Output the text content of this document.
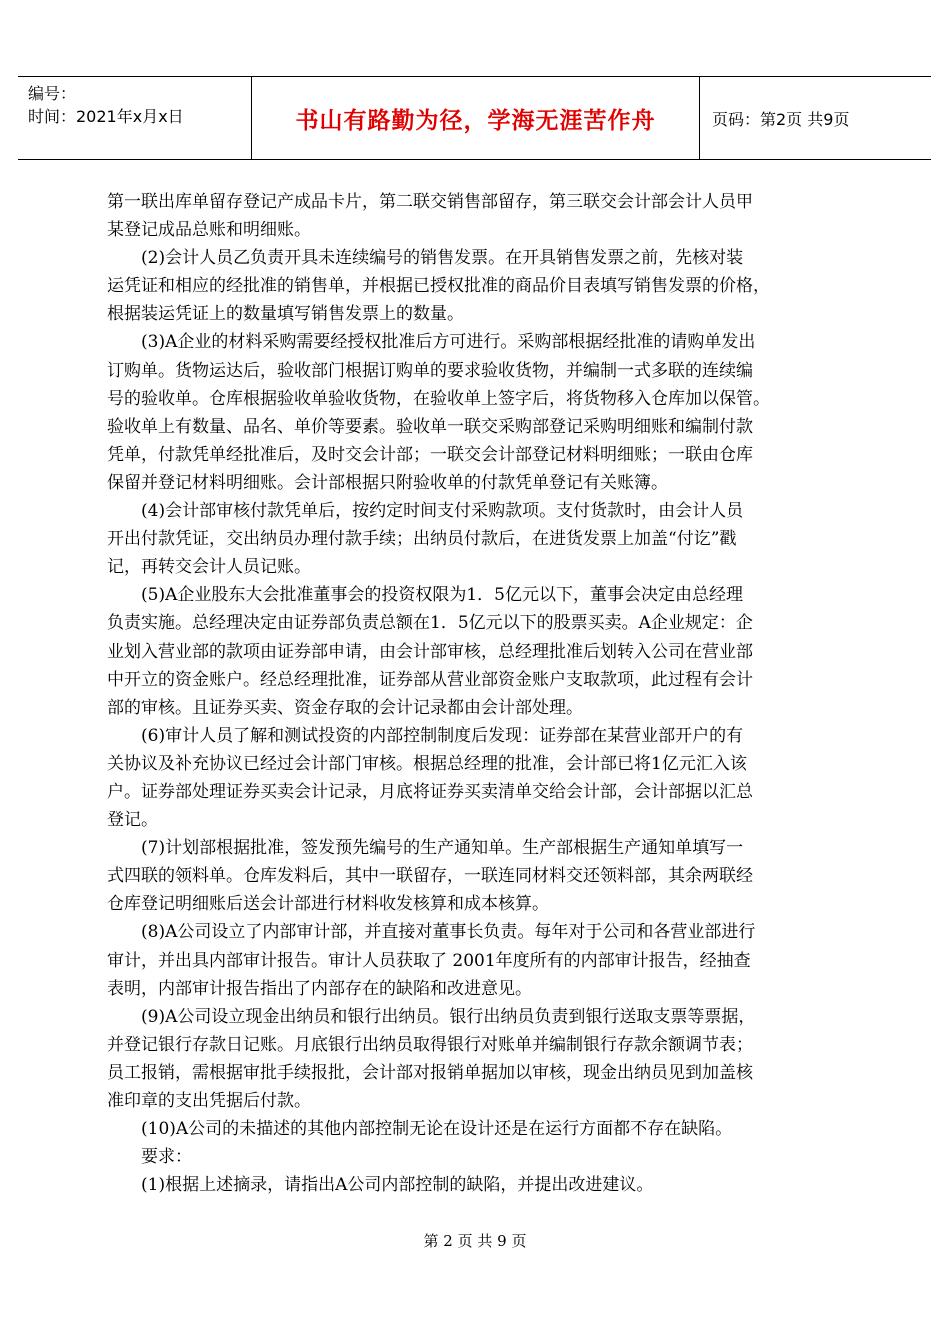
编号：
时间：2021年x月x日	书山有路勤为径，学海无涯苦作舟	页码：第2页 共9页
第一联出库单留存登记产成品卡片，第二联交销售部留存，第三联交会计部会计人员甲
某登记成品总账和明细账。
　　(2)会计人员乙负责开具未连续编号的销售发票。在开具销售发票之前，先核对装
运凭证和相应的经批准的销售单，并根据已授权批准的商品价目表填写销售发票的价格，
根据装运凭证上的数量填写销售发票上的数量。
　　(3)A企业的材料采购需要经授权批准后方可进行。采购部根据经批准的请购单发出
订购单。货物运达后，验收部门根据订购单的要求验收货物，并编制一式多联的连续编
号的验收单。仓库根据验收单验收货物，在验收单上签字后，将货物移入仓库加以保管。
验收单上有数量、品名、单价等要素。验收单一联交采购部登记采购明细账和编制付款
凭单，付款凭单经批准后，及时交会计部；一联交会计部登记材料明细账；一联由仓库
保留并登记材料明细账。会计部根据只附验收单的付款凭单登记有关账簿。
　　(4)会计部审核付款凭单后，按约定时间支付采购款项。支付货款时，由会计人员
开出付款凭证，交出纳员办理付款手续；出纳员付款后，在进货发票上加盖“付讫”戳
记，再转交会计人员记账。
　　(5)A企业股东大会批准董事会的投资权限为1．5亿元以下，董事会决定由总经理
负责实施。总经理决定由证券部负责总额在1．5亿元以下的股票买卖。A企业规定：企
业划入营业部的款项由证券部申请，由会计部审核，总经理批准后划转入公司在营业部
中开立的资金账户。经总经理批准，证券部从营业部资金账户支取款项，此过程有会计
部的审核。且证券买卖、资金存取的会计记录都由会计部处理。
　　(6)审计人员了解和测试投资的内部控制制度后发现：证券部在某营业部开户的有
关协议及补充协议已经过会计部门审核。根据总经理的批准，会计部已将1亿元汇入该
户。证券部处理证券买卖会计记录，月底将证券买卖清单交给会计部，会计部据以汇总
登记。
　　(7)计划部根据批准，签发预先编号的生产通知单。生产部根据生产通知单填写一
式四联的领料单。仓库发料后，其中一联留存，一联连同材料交还领料部，其余两联经
仓库登记明细账后送会计部进行材料收发核算和成本核算。
　　(8)A公司设立了内部审计部，并直接对董事长负责。每年对于公司和各营业部进行
审计，并出具内部审计报告。审计人员获取了 2001年度所有的内部审计报告，经抽查
表明，内部审计报告指出了内部存在的缺陷和改进意见。
　　(9)A公司设立现金出纳员和银行出纳员。银行出纳员负责到银行送取支票等票据，
并登记银行存款日记账。月底银行出纳员取得银行对账单并编制银行存款余额调节表；
员工报销，需根据审批手续报批，会计部对报销单据加以审核，现金出纳员见到加盖核
准印章的支出凭据后付款。
　　(10)A公司的未描述的其他内部控制无论在设计还是在运行方面都不存在缺陷。
　　要求：
　　(1)根据上述摘录，请指出A公司内部控制的缺陷，并提出改进建议。
第 2 页 共 9 页
